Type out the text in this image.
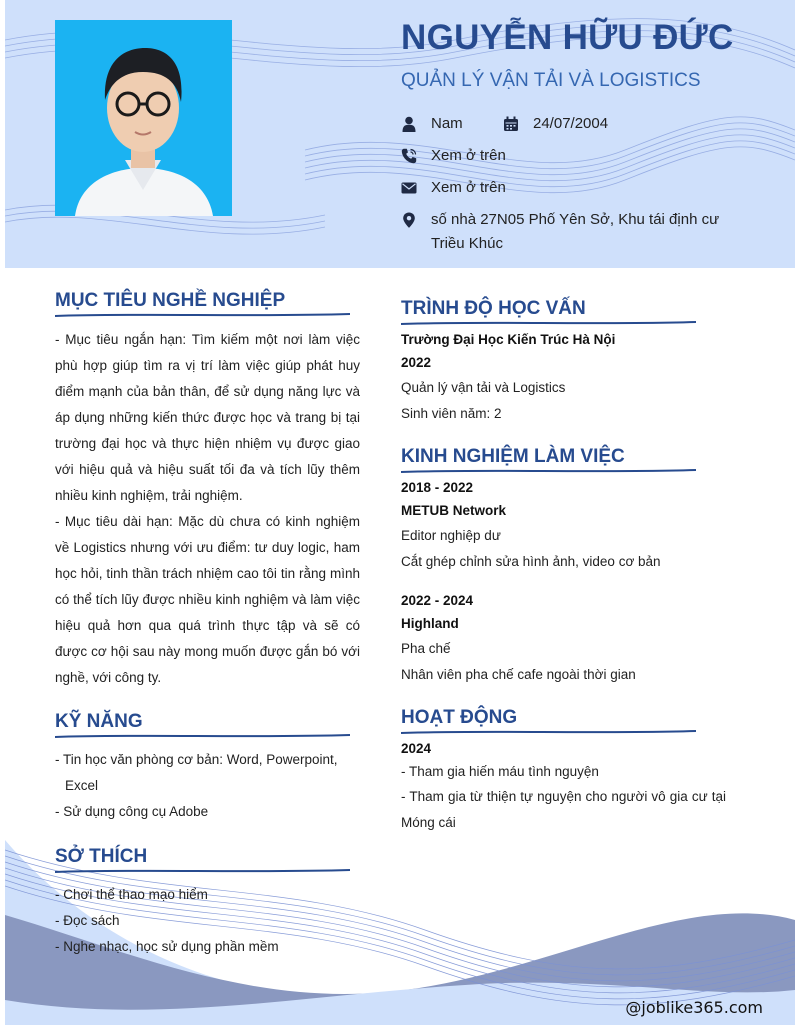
NGUYỄN HỮU ĐỨC
QUẢN LÝ VẬN TẢI VÀ LOGISTICS
Nam	24/07/2004
Xem ở trên
Xem ở trên
số nhà 27N05 Phố Yên Sở, Khu tái định cư Triều Khúc
@joblike365.com
MỤC TIÊU NGHỀ NGHIỆP
- Mục tiêu ngắn hạn: Tìm kiếm một nơi làm việc phù hợp giúp tìm ra vị trí làm việc giúp phát huy điểm mạnh của bản thân, để sử dụng năng lực và áp dụng những kiến thức được học và trang bị tại trường đại học và thực hiện nhiệm vụ được giao với hiệu quả và hiệu suất tối đa và tích lũy thêm nhiều kinh nghiệm, trải nghiệm.
- Mục tiêu dài hạn: Mặc dù chưa có kinh nghiệm về Logistics nhưng với ưu điểm: tư duy logic, ham học hỏi, tinh thần trách nhiệm cao tôi tin rằng mình có thể tích lũy được nhiều kinh nghiệm và làm việc hiệu quả hơn qua quá trình thực tập và sẽ có được cơ hội sau này mong muốn được gắn bó với nghề, với công ty.
KỸ NĂNG
- Tin học văn phòng cơ bản: Word, Powerpoint,
Excel
- Sử dụng công cụ Adobe
SỞ THÍCH
- Chơi thể thao mạo hiểm
- Đọc sách
- Nghe nhạc, học sử dụng phần mềm
TRÌNH ĐỘ HỌC VẤN
Trường Đại Học Kiến Trúc Hà Nội
2022
Quản lý vận tải và Logistics
Sinh viên năm: 2
KINH NGHIỆM LÀM VIỆC
2018 - 2022
METUB Network
Editor nghiệp dư
Cắt ghép chỉnh sửa hình ảnh, video cơ bản
2022 - 2024
Highland
Pha chế
Nhân viên pha chế cafe ngoài thời gian
HOẠT ĐỘNG
2024
- Tham gia hiến máu tình nguyện
- Tham gia từ thiện tự nguyện cho người vô gia cư tại Móng cái
